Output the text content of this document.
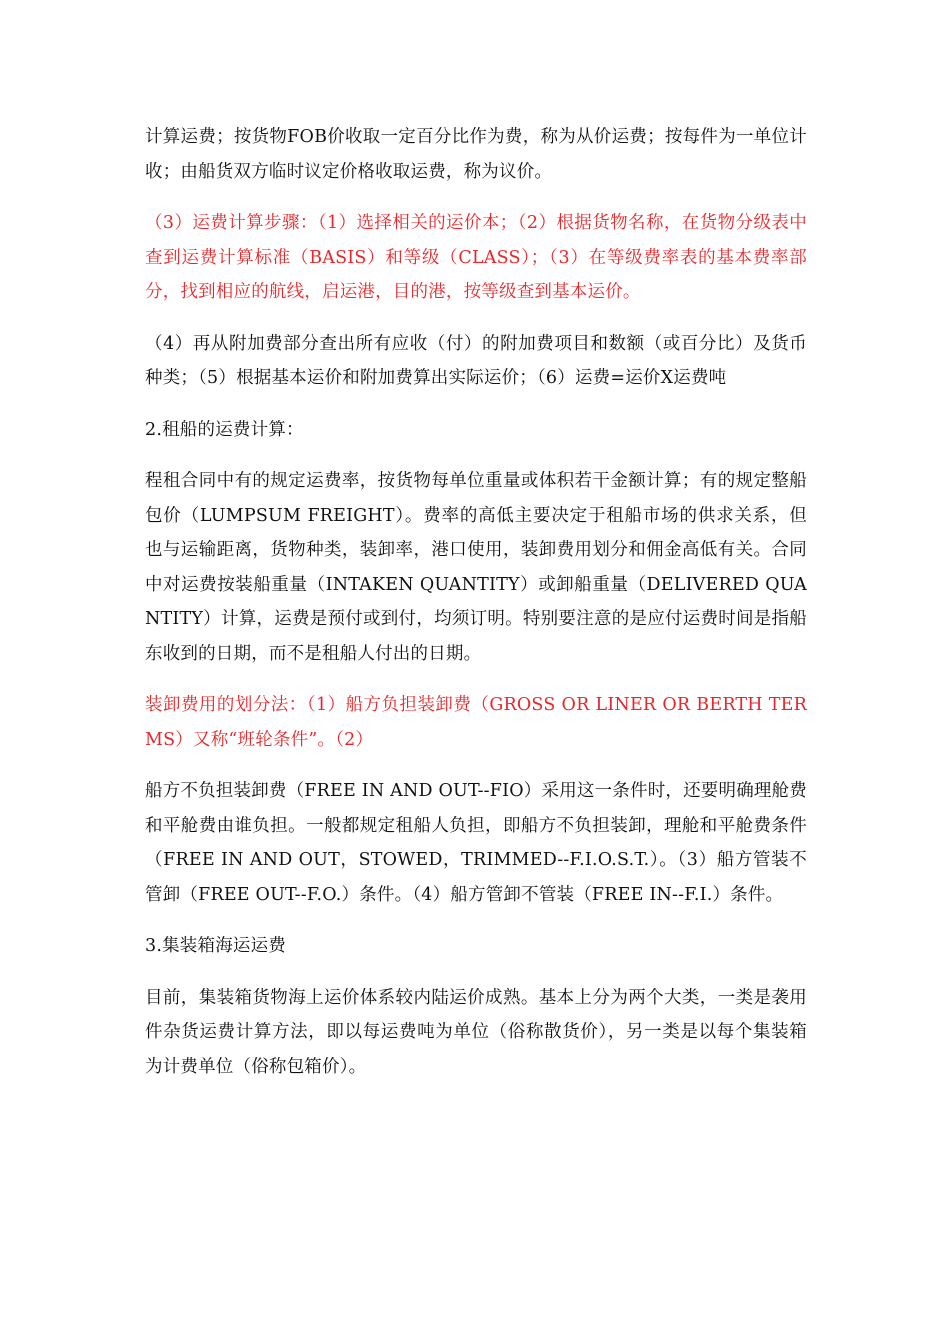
计算运费；按货物FOB价收取一定百分比作为费，称为从价运费；按每件为一单位计收；由船货双方临时议定价格收取运费，称为议价。

（3）运费计算步骤：（1）选择相关的运价本；（2）根据货物名称，在货物分级表中查到运费计算标准（BASIS）和等级（CLASS）；（3）在等级费率表的基本费率部分，找到相应的航线，启运港，目的港，按等级查到基本运价。

（4）再从附加费部分查出所有应收（付）的附加费项目和数额（或百分比）及货币种类；（5）根据基本运价和附加费算出实际运价；（6）运费=运价X运费吨

2.租船的运费计算：

程租合同中有的规定运费率，按货物每单位重量或体积若干金额计算；有的规定整船包价（LUMPSUM FREIGHT）。费率的高低主要决定于租船市场的供求关系，但也与运输距离，货物种类，装卸率，港口使用，装卸费用划分和佣金高低有关。合同中对运费按装船重量（INTAKEN QUANTITY）或卸船重量（DELIVERED QUANTITY）计算，运费是预付或到付，均须订明。特别要注意的是应付运费时间是指船东收到的日期，而不是租船人付出的日期。

装卸费用的划分法：（1）船方负担装卸费（GROSS OR LINER OR BERTH TERMS）又称“班轮条件”。（2）

船方不负担装卸费（FREE IN AND OUT--FIO）采用这一条件时，还要明确理舱费和平舱费由谁负担。一般都规定租船人负担，即船方不负担装卸，理舱和平舱费条件（FREE IN AND OUT，STOWED，TRIMMED--F.I.O.S.T.）。（3）船方管装不管卸（FREE OUT--F.O.）条件。（4）船方管卸不管装（FREE IN--F.I.）条件。

3.集装箱海运运费

目前，集装箱货物海上运价体系较内陆运价成熟。基本上分为两个大类，一类是袭用件杂货运费计算方法，即以每运费吨为单位（俗称散货价），另一类是以每个集装箱为计费单位（俗称包箱价）。
